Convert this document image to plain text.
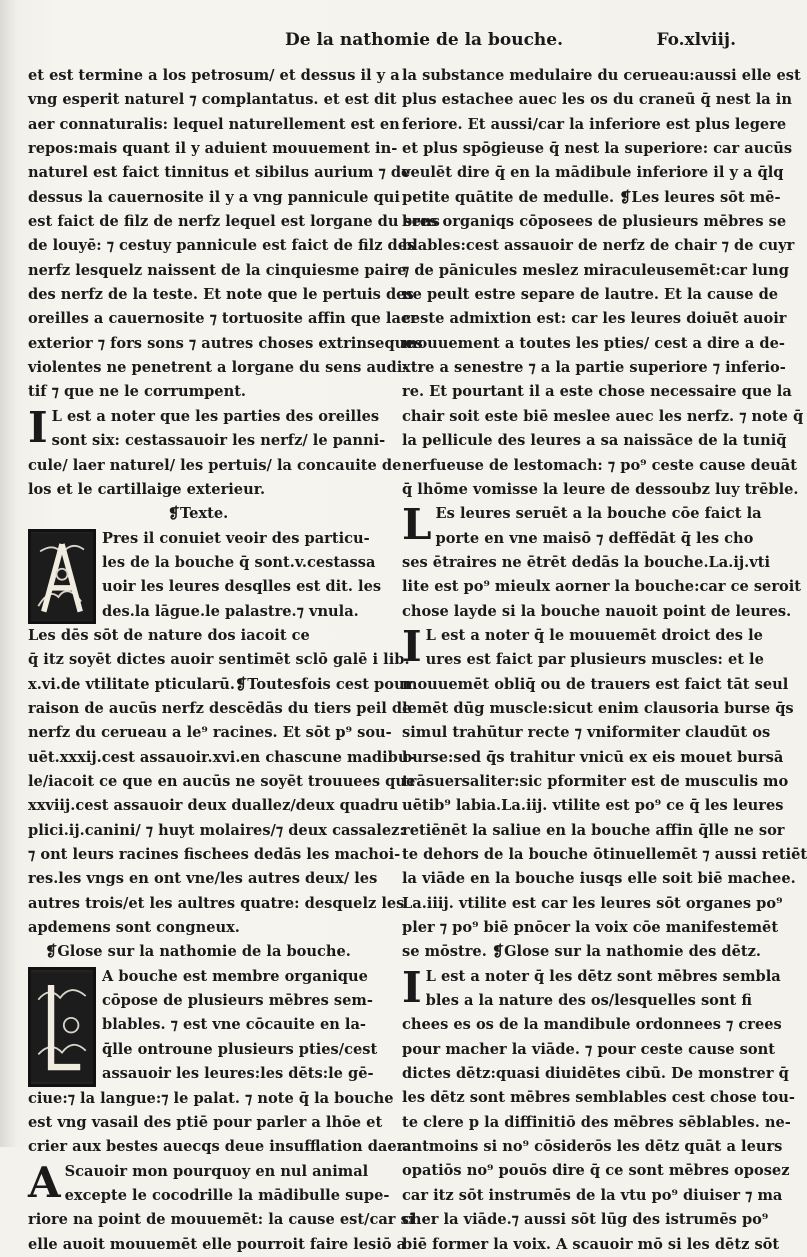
De la nathomie de la bouche.	Fo.xlviij.
et est termine a los petrosum/ et dessus il y a
vng esperit naturel ⁊ complantatus. et est dit
aer connaturalis: lequel naturellement est en
repos:mais quant il y aduient mouuement in-
naturel est faict tinnitus et sibilus aurium ⁊ de
dessus la cauernosite il y a vng pannicule qui
est faict de filz de nerfz lequel est lorgane du sens
de louyē: ⁊ cestuy pannicule est faict de filz des
nerfz lesquelz naissent de la cinquiesme paire
des nerfz de la teste. Et note que le pertuis des
oreilles a cauernosite ⁊ tortuosite affin que laer
exterior ⁊ fors sons ⁊ autres choses extrinseques
violentes ne penetrent a lorgane du sens audi-
tif ⁊ que ne le corrumpent.
I L est a noter que les parties des oreilles
sont six: cestassauoir les nerfz/ le panni-
cule/ laer naturel/ les pertuis/ la concauite de
los et le cartillaige exterieur.
❡Texte.
Pres il conuiet veoir des particu-
les de la bouche q̄ sont.v.cestassa
uoir les leures desqlles est dit. les
des.la lāgue.le palastre.⁊ vnula.
Les dēs sōt de nature dos iacoit ce
q̄ itz soyēt dictes auoir sentimēt sclō galē i lib.
x.vi.de vtilitate pticularū.❡Toutesfois cest pour
raison de aucūs nerfz descēdās du tiers peil de
nerfz du cerueau a le⁹ racines. Et sōt p⁹ sou-
uēt.xxxij.cest assauoir.xvi.en chascune madibu-
le/iacoit ce que en aucūs ne soyēt trouuees que
xxviij.cest assauoir deux duallez/deux quadru
plici.ij.canini/ ⁊ huyt molaires/⁊ deux cassalez:
⁊ ont leurs racines fischees dedās les machoi-
res.les vngs en ont vne/les autres deux/ les
autres trois/et les aultres quatre: desquelz les
apdemens sont congneux.
❡Glose sur la nathomie de la bouche.
A bouche est membre organique
cōpose de plusieurs mēbres sem-
blables. ⁊ est vne cōcauite en la-
q̄lle ontroune plusieurs pties/cest
assauoir les leures:les dēts:le gē-
ciue:⁊ la langue:⁊ le palat. ⁊ note q̄ la bouche
est vng vasail des ptiē pour parler a lhōe et
crier aux bestes auecqs deue insufflation daer.
A Scauoir mon pourquoy en nul animal
excepte le cocodrille la mādibulle supe-
riore na point de mouuemēt: la cause est/car si
elle auoit mouuemēt elle pourroit faire lesiō a
la substance medulaire du cerueau:aussi elle est
plus estachee auec les os du craneū q̄ nest la in
feriore. Et aussi/car la inferiore est plus legere
et plus spōgieuse q̄ nest la superiore: car aucūs
veulēt dire q̄ en la mādibule inferiore il y a q̄lq
petite quātite de medulle. ❡Les leures sōt mē-
bres organiqs cōposees de plusieurs mēbres se
blables:cest assauoir de nerfz de chair ⁊ de cuyr
⁊ de pānicules meslez miraculeusemēt:car lung
ne peult estre separe de lautre. Et la cause de
ceste admixtion est: car les leures doiuēt auoir
mouuement a toutes les pties/ cest a dire a de-
xtre a senestre ⁊ a la partie superiore ⁊ inferio-
re. Et pourtant il a este chose necessaire que la
chair soit este biē meslee auec les nerfz. ⁊ note q̄
la pellicule des leures a sa naissāce de la tuniq̄
nerfueuse de lestomach: ⁊ po⁹ ceste cause deuāt
q̄ lhōme vomisse la leure de dessoubz luy trēble.
L Es leures seruēt a la bouche cōe faict la
porte en vne maisō ⁊ deffēdāt q̄ les cho
ses ētraires ne ētrēt dedās la bouche.La.ij.vti
lite est po⁹ mieulx aorner la bouche:car ce seroit
chose layde si la bouche nauoit point de leures.
I L est a noter q̄ le mouuemēt droict des le
ures est faict par plusieurs muscles: et le
mouuemēt obliq̄ ou de trauers est faict tāt seul
lemēt dūg muscle:sicut enim clausoria burse q̄s
simul trahūtur recte ⁊ vniformiter claudūt os
burse:sed q̄s trahitur vnicū ex eis mouet bursā
trāsuersaliter:sic pformiter est de musculis mo
uētib⁹ labia.La.iij. vtilite est po⁹ ce q̄ les leures
retiēnēt la saliue en la bouche affin q̄lle ne sor
te dehors de la bouche ōtinuellemēt ⁊ aussi retiēt
la viāde en la bouche iusqs elle soit biē machee.
La.iiij. vtilite est car les leures sōt organes po⁹
pler ⁊ po⁹ biē pnōcer la voix cōe manifestemēt
se mōstre. ❡Glose sur la nathomie des dētz.
I L est a noter q̄ les dētz sont mēbres sembla
bles a la nature des os/lesquelles sont fi
chees es os de la mandibule ordonnees ⁊ crees
pour macher la viāde. ⁊ pour ceste cause sont
dictes dētz:quasi diuidētes cibū. De monstrer q̄
les dētz sont mēbres semblables cest chose tou-
te clere p la diffinitiō des mēbres sēblables. ne-
antmoins si no⁹ cōsiderōs les dētz quāt a leurs
opatiōs no⁹ pouōs dire q̄ ce sont mēbres oposez
car itz sōt instrumēs de la vtu po⁹ diuiser ⁊ ma
cher la viāde.⁊ aussi sōt lūg des istrumēs po⁹
biē former la voix. A scauoir mō si les dētz sōt
